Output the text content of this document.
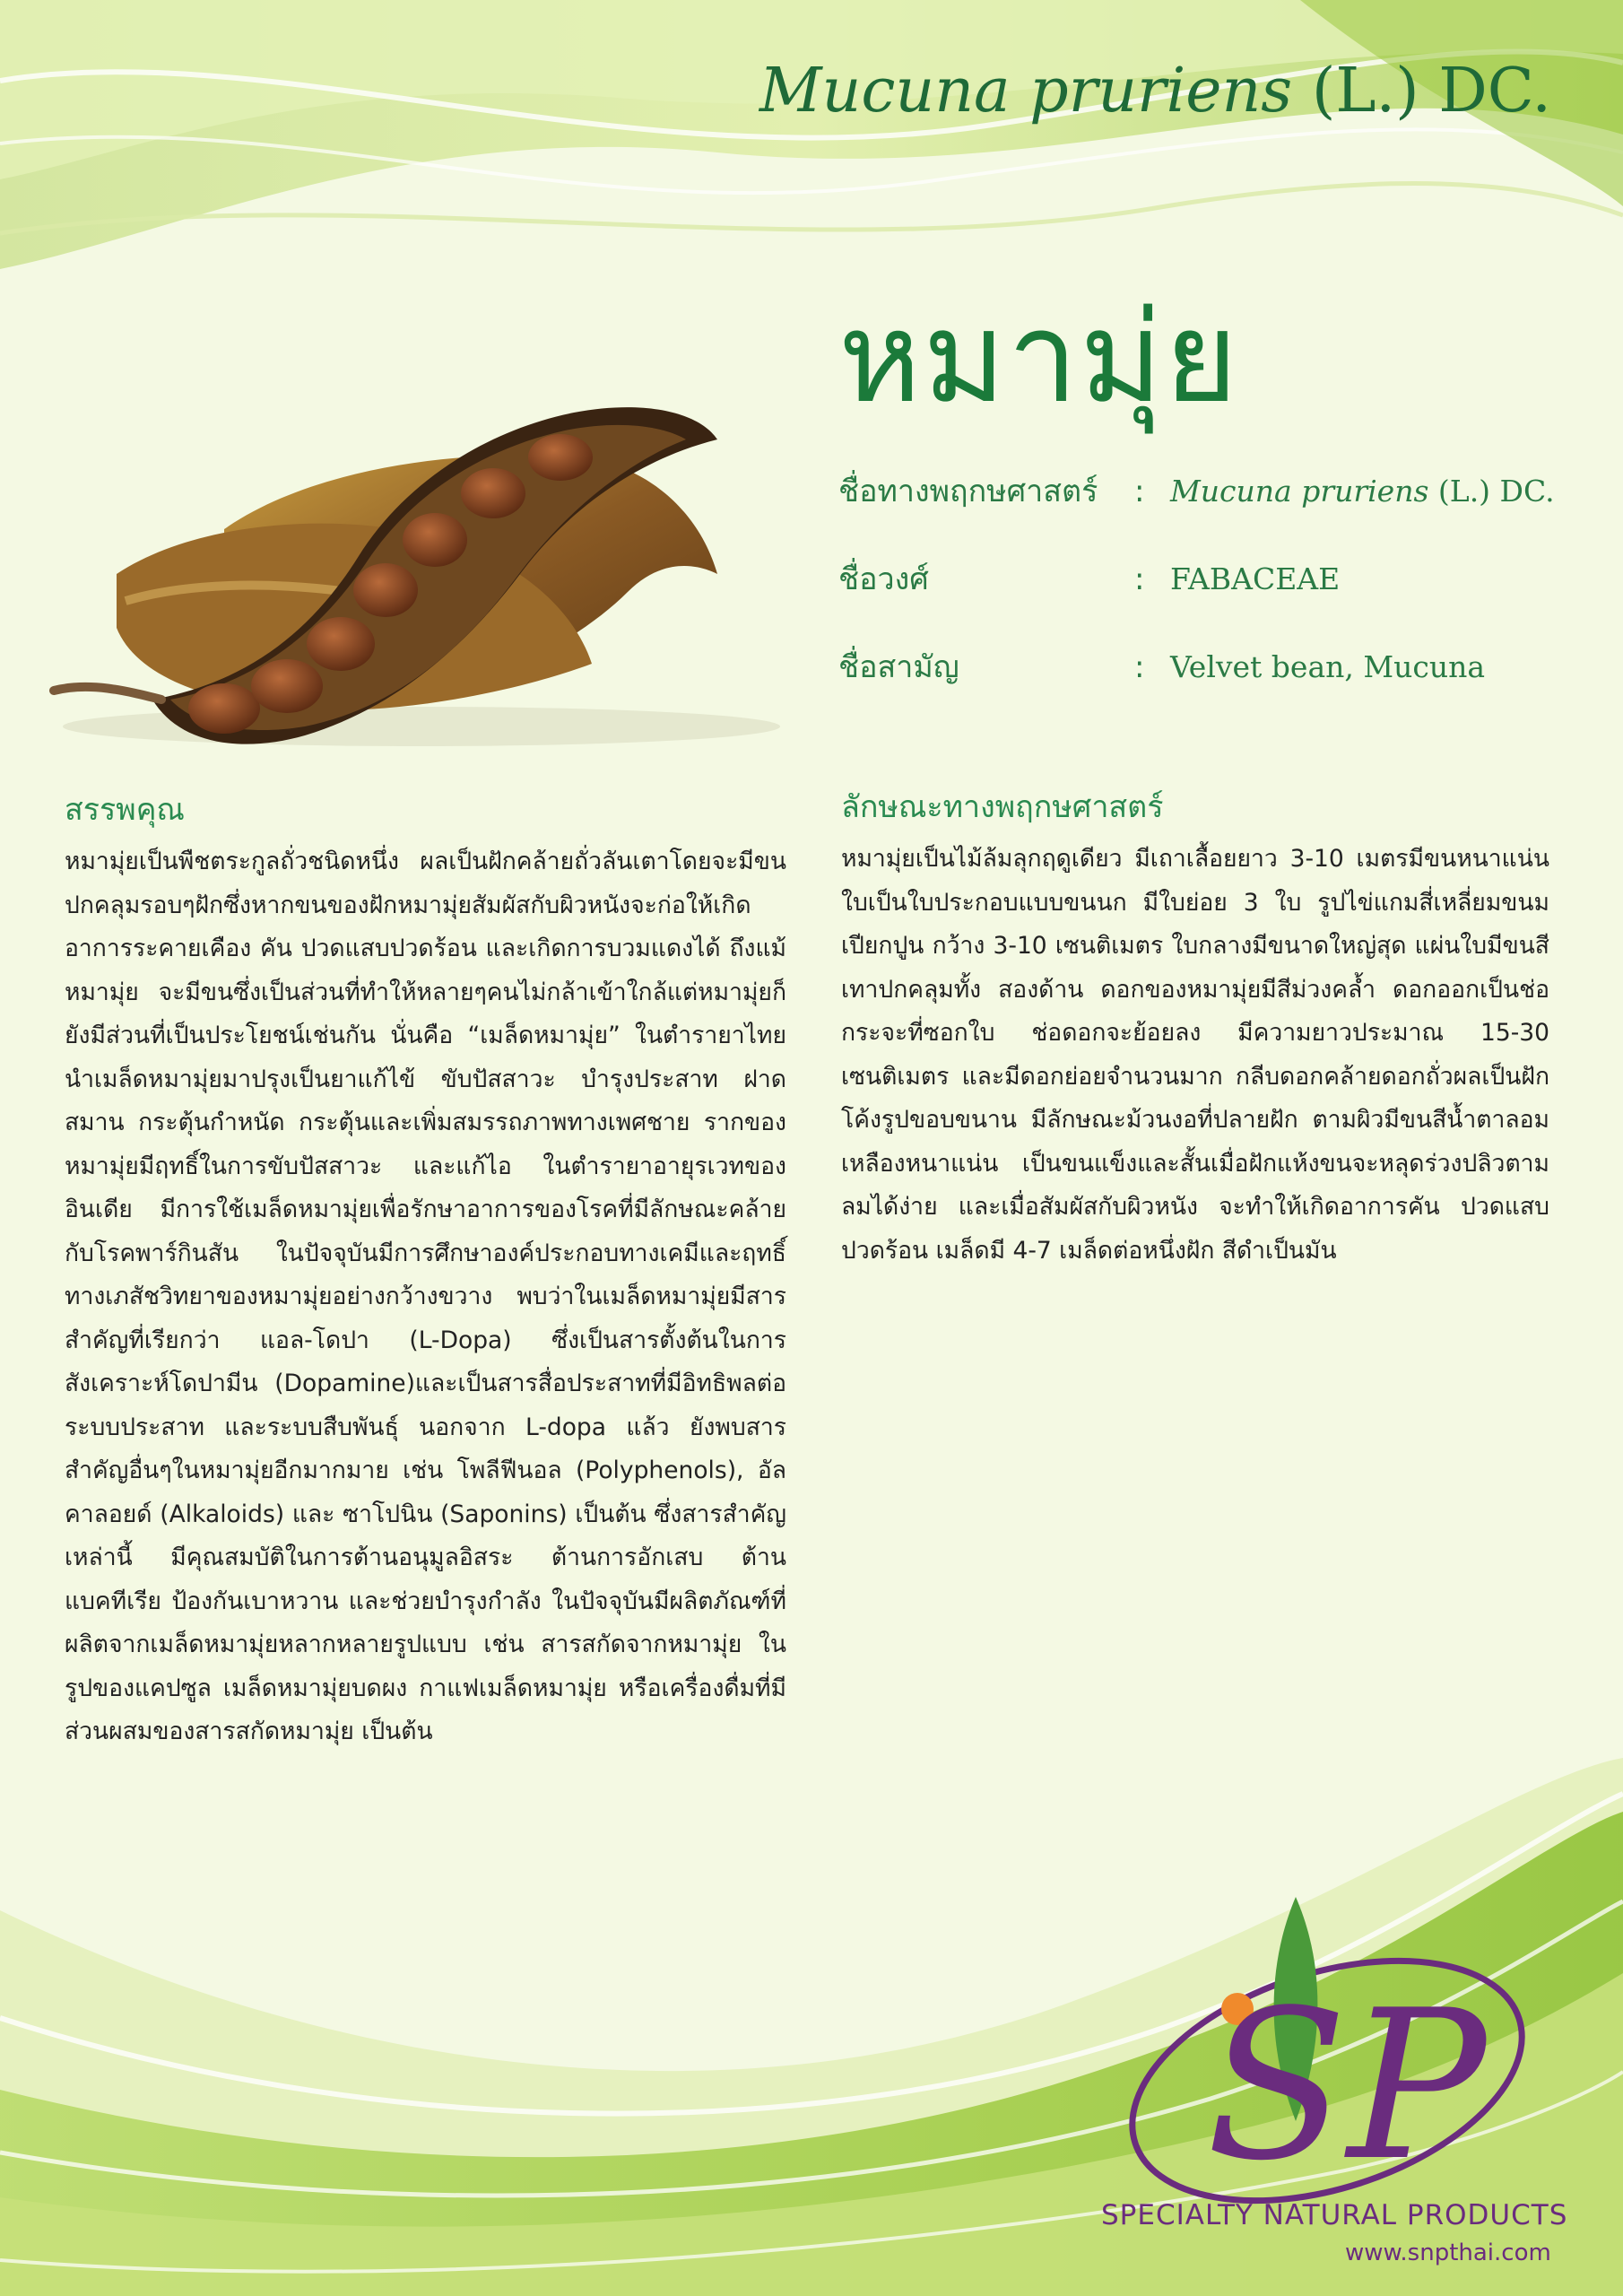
Mucuna pruriens (L.) DC.
หมามุ่ย
ชื่อทางพฤกษศาสตร์	: Mucuna pruriens (L.) DC.
ชื่อวงศ์	: FABACEAE
ชื่อสามัญ	: Velvet bean, Mucuna
สรรพคุณ

หมามุ่ยเป็นพืชตระกูลถั่วชนิดหนึ่ง ผลเป็นฝักคล้ายถั่วลันเตาโดยจะมีขนปกคลุมรอบๆฝักซึ่งหากขนของฝักหมามุ่ยสัมผัสกับผิวหนังจะก่อให้เกิดอาการระคายเคือง คัน ปวดแสบปวดร้อน และเกิดการบวมแดงได้ ถึงแม้หมามุ่ย จะมีขนซึ่งเป็นส่วนที่ทำให้หลายๆคนไม่กล้าเข้าใกล้แต่หมามุ่ยก็ยังมีส่วนที่เป็นประโยชน์เช่นกัน นั่นคือ “เมล็ดหมามุ่ย” ในตำรายาไทยนำเมล็ดหมามุ่ยมาปรุงเป็นยาแก้ไข้ ขับปัสสาวะ บำรุงประสาท ฝาดสมาน กระตุ้นกำหนัด กระตุ้นและเพิ่มสมรรถภาพทางเพศชาย รากของหมามุ่ยมีฤทธิ์ในการขับปัสสาวะ และแก้ไอ ในตำรายาอายุรเวทของ อินเดีย มีการใช้เมล็ดหมามุ่ยเพื่อรักษาอาการของโรคที่มีลักษณะคล้ายกับโรคพาร์กินสัน ในปัจจุบันมีการศึกษาองค์ประกอบทางเคมีและฤทธิ์ทางเภสัชวิทยาของหมามุ่ยอย่างกว้างขวาง พบว่าในเมล็ดหมามุ่ยมีสารสำคัญที่เรียกว่า แอล-โดปา (L-Dopa) ซึ่งเป็นสารตั้งต้นในการสังเคราะห์โดปามีน (Dopamine)และเป็นสารสื่อประสาทที่มีอิทธิพลต่อระบบประสาท และระบบสืบพันธุ์ นอกจาก L-dopa แล้ว ยังพบสารสำคัญอื่นๆในหมามุ่ยอีกมากมาย เช่น โพลีฟีนอล (Polyphenols), อัลคาลอยด์ (Alkaloids) และ ซาโปนิน (Saponins) เป็นต้น ซึ่งสารสำคัญเหล่านี้ มีคุณสมบัติในการต้านอนุมูลอิสระ ต้านการอักเสบ ต้านแบคทีเรีย ป้องกันเบาหวาน และช่วยบำรุงกำลัง ในปัจจุบันมีผลิตภัณฑ์ที่ผลิตจากเมล็ดหมามุ่ยหลากหลายรูปแบบ เช่น สารสกัดจากหมามุ่ย ในรูปของแคปซูล เมล็ดหมามุ่ยบดผง กาแฟเมล็ดหมามุ่ย หรือเครื่องดื่มที่มีส่วนผสมของสารสกัดหมามุ่ย เป็นต้น

ลักษณะทางพฤกษศาสตร์

หมามุ่ยเป็นไม้ล้มลุกฤดูเดียว มีเถาเลื้อยยาว 3-10 เมตรมีขนหนาแน่น ใบเป็นใบประกอบแบบขนนก มีใบย่อย 3 ใบ รูปไข่แกมสี่เหลี่ยมขนมเปียกปูน กว้าง 3-10 เซนติเมตร ใบกลางมีขนาดใหญ่สุด แผ่นใบมีขนสีเทาปกคลุมทั้ง สองด้าน ดอกของหมามุ่ยมีสีม่วงคล้ำ ดอกออกเป็นช่อกระจะที่ซอกใบ ช่อดอกจะย้อยลง มีความยาวประมาณ 15-30 เซนติเมตร และมีดอกย่อยจำนวนมาก กลีบดอกคล้ายดอกถั่วผลเป็นฝักโค้งรูปขอบขนาน มีลักษณะม้วนงอที่ปลายฝัก ตามผิวมีขนสีน้ำตาลอมเหลืองหนาแน่น เป็นขนแข็งและสั้นเมื่อฝักแห้งขนจะหลุดร่วงปลิวตามลมได้ง่าย และเมื่อสัมผัสกับผิวหนัง จะทำให้เกิดอาการคัน ปวดแสบ ปวดร้อน เมล็ดมี 4-7 เมล็ดต่อหนึ่งฝัก สีดำเป็นมัน

SP
SPECIALTY NATURAL PRODUCTS
www.snpthai.com
